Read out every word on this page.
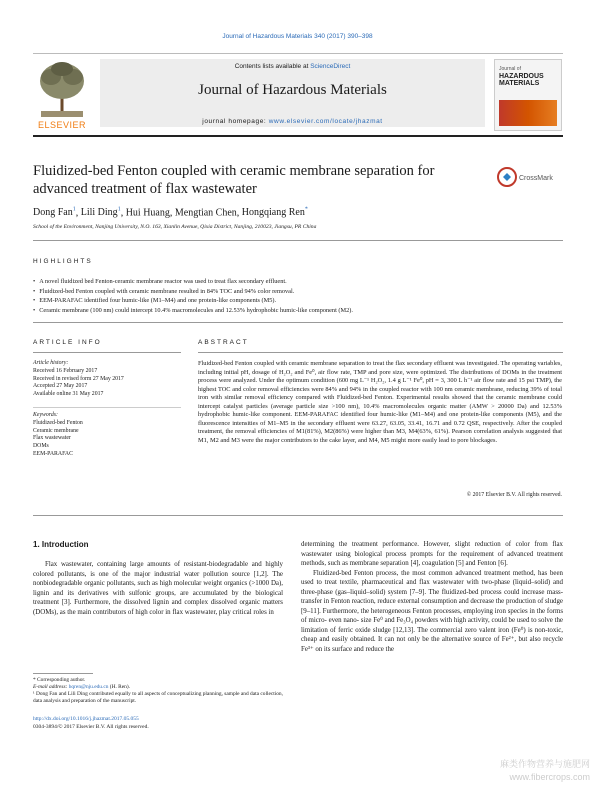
Journal of Hazardous Materials 340 (2017) 390–398
ELSEVIER
Contents lists available at ScienceDirect
Journal of Hazardous Materials
journal homepage: www.elsevier.com/locate/jhazmat
Journal of
HAZARDOUS MATERIALS
Fluidized-bed Fenton coupled with ceramic membrane separation for advanced treatment of flax wastewater
CrossMark
Dong Fan$^1$, Lili Ding$^1$, Hui Huang, Mengtian Chen, Hongqiang Ren*
School of the Environment, Nanjing University, N.O. 163, Xianlin Avenue, Qixia District, Nanjing, 210023, Jiangsu, PR China
HIGHLIGHTS
• A novel fluidized bed Fenton-ceramic membrane reactor was used to treat flax secondary effluent.
• Fluidized-bed Fenton coupled with ceramic membrane resulted in 84% TOC and 94% color removal.
• EEM-PARAFAC identified four humic-like (M1–M4) and one protein-like components (M5).
• Ceramic membrane (100 nm) could intercept 10.4% macromolecules and 12.53% hydrophobic humic-like component (M2).
ARTICLE INFO	ABSTRACT
Article history:
Received 16 February 2017
Received in revised form 27 May 2017
Accepted 27 May 2017
Available online 31 May 2017
Keywords:
Fluidized-bed Fenton
Ceramic membrane
Flax wastewater
DOMs
EEM-PARAFAC
Fluidized-bed Fenton coupled with ceramic membrane separation to treat the flax secondary effluent was investigated. The operating variables, including initial pH, dosage of H₂O₂ and Fe⁰, air flow rate, TMP and pore size, were optimized. The distributions of DOMs in the treatment process were analyzed. Under the optimum condition (600 mg L⁻¹ H₂O₂, 1.4 g L⁻¹ Fe⁰, pH = 3, 300 L h⁻¹ air flow rate and 15 psi TMP), the highest TOC and color removal efficiencies were 84% and 94% in the coupled reactor with 100 nm ceramic membrane, reducing 39% of total iron with similar removal efficiency compared with Fluidized-bed Fenton. Experimental results showed that the ceramic membrane could intercept catalyst particles (average particle size >100 nm), 10.4% macromolecules organic matter (AMW > 20000 Da) and 12.53% hydrophobic humic-like component. EEM-PARAFAC identified four humic-like (M1–M4) and one protein-like components (M5), and the fluorescence intensities of M1–M5 in the secondary effluent were 63.27, 63.05, 33.41, 16.71 and 0.72 QSE, respectively. After the coupled treatment, the removal efficiencies of M1(81%), M2(86%) were higher than M3, M4(63%, 61%). Pearson correlation analysis suggested that M1, M2 and M3 were the major contributors to the cake layer, and M4, M5 might more easily lead to pore blockages.
© 2017 Elsevier B.V. All rights reserved.
1. Introduction

Flax wastewater, containing large amounts of resistant-biodegradable and highly colored pollutants, is one of the major industrial water pollution source [1,2]. The nonbiodegradable organic pollutants, such as high molecular weight organics (>1000 Da), lignin and its derivatives with sulfonic groups, are accumulated by the biological treatment [3]. Furthermore, the dissolved lignin and complex dissolved organic matters (DOMs), as the main contributors of high color in flax wastewater, play critical roles in

determining the treatment performance. However, slight reduction of color from flax wastewater using biological process prompts for the requirement of advanced treatment methods, such as membrane separation [4], coagulation [5] and Fenton [6].

Fluidized-bed Fenton process, the most common advanced treatment method, has been used to treat textile, pharmaceutical and flax wastewater with two-phase (liquid–solid) and three-phase (gas–liquid–solid) system [7–9]. The fluidized-bed process could increase mass-transfer in Fenton reaction, reduce external consumption and decrease the production of sludge [9–11]. Furthermore, the heterogeneous Fenton processes, employing iron species in the forms of micro- even nano- size Fe⁰ and Fe₃O₄ powders with high activity, could be used to solve the limitation of ferric oxide sludge [12,13]. The commercial zero valent iron (Fe⁰) is non-toxic, cheap and easily obtained. It can not only be the alternative source of Fe²⁺, but also recycle Fe³⁺ on its surface and reduce the

* Corresponding author.
E-mail address: hqren@nju.edu.cn (H. Ren).
¹ Dong Fan and Lili Ding contributed equally to all aspects of conceptualizing planning, sample and data collection, data analysis and preparation of the manuscript.
http://dx.doi.org/10.1016/j.jhazmat.2017.05.055
0304-3894/© 2017 Elsevier B.V. All rights reserved.
麻类作物营养与施肥网
www.fibercrops.com
